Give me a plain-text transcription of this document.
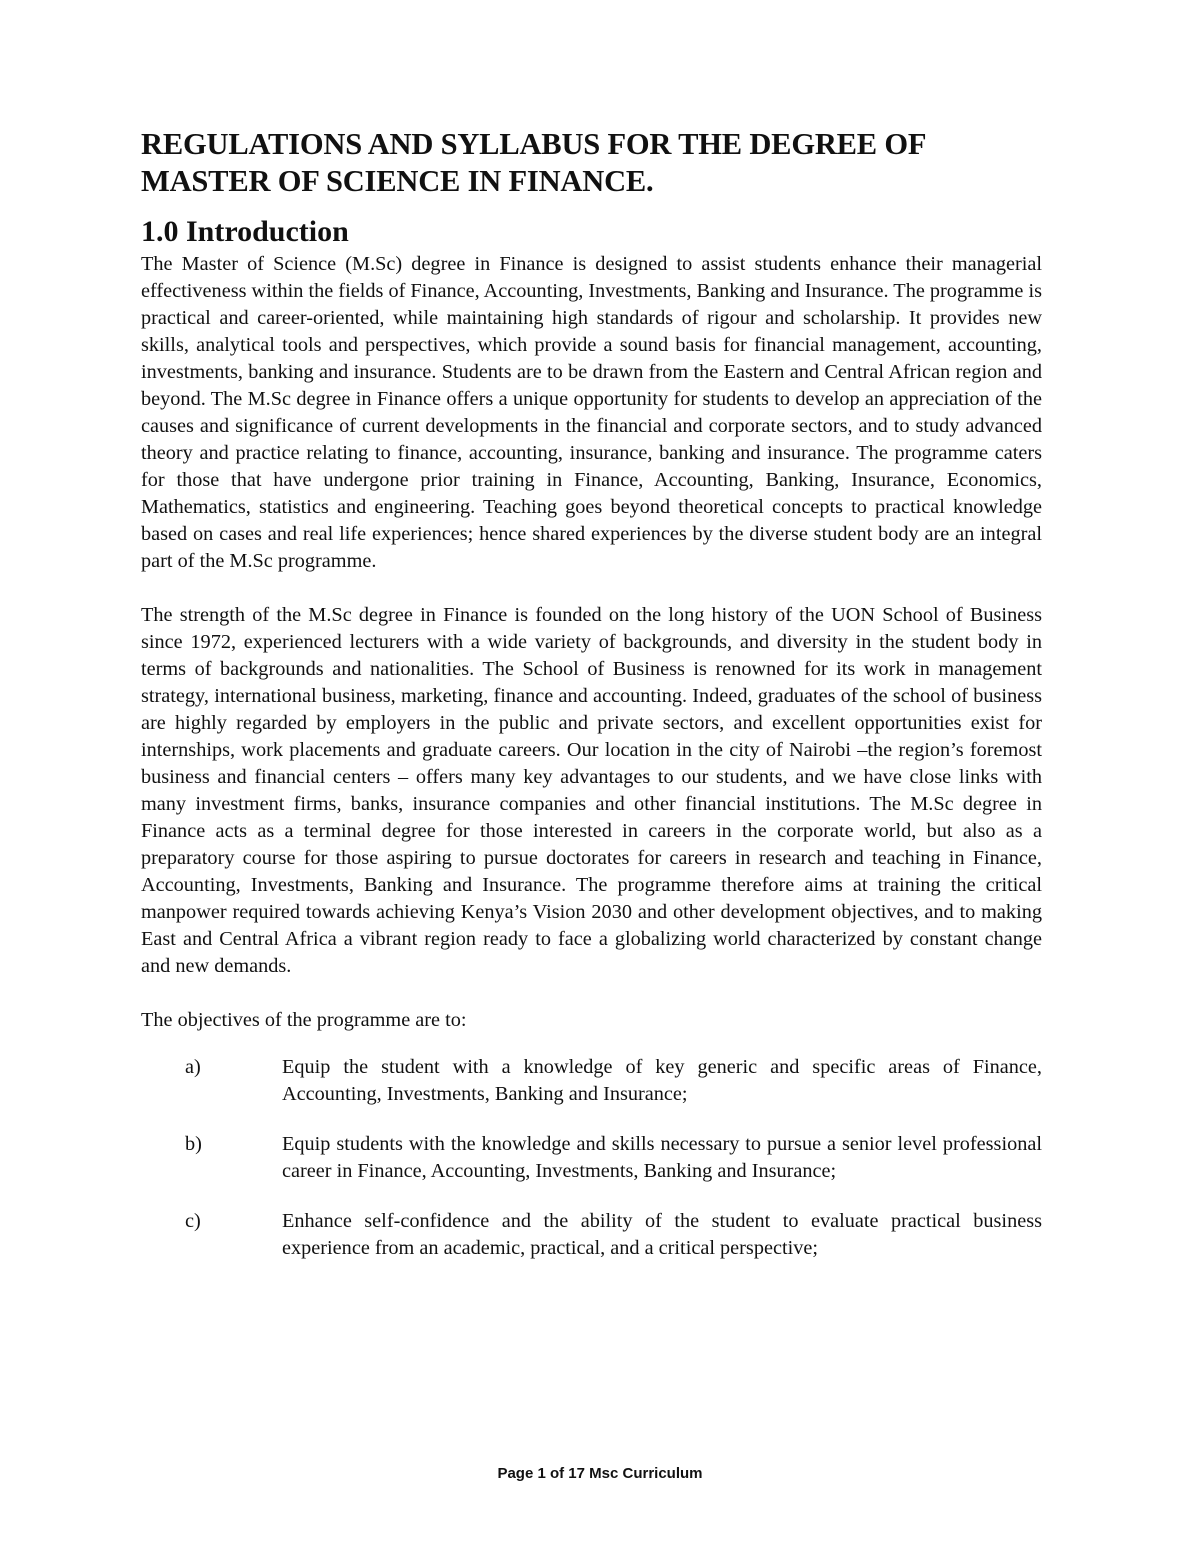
REGULATIONS AND SYLLABUS FOR THE DEGREE OF MASTER OF SCIENCE IN FINANCE.
1.0 Introduction

The Master of Science (M.Sc) degree in Finance is designed to assist students enhance their managerial effectiveness within the fields of Finance, Accounting, Investments, Banking and Insurance. The programme is practical and career-oriented, while maintaining high standards of rigour and scholarship. It provides new skills, analytical tools and perspectives, which provide a sound basis for financial management, accounting, investments, banking and insurance. Students are to be drawn from the Eastern and Central African region and beyond. The M.Sc degree in Finance offers a unique opportunity for students to develop an appreciation of the causes and significance of current developments in the financial and corporate sectors, and to study advanced theory and practice relating to finance, accounting, insurance, banking and insurance. The programme caters for those that have undergone prior training in Finance, Accounting, Banking, Insurance, Economics, Mathematics, statistics and engineering. Teaching goes beyond theoretical concepts to practical knowledge based on cases and real life experiences; hence shared experiences by the diverse student body are an integral part of the M.Sc programme.

The strength of the M.Sc degree in Finance is founded on the long history of the UON School of Business since 1972, experienced lecturers with a wide variety of backgrounds, and diversity in the student body in terms of backgrounds and nationalities. The School of Business is renowned for its work in management strategy, international business, marketing, finance and accounting. Indeed, graduates of the school of business are highly regarded by employers in the public and private sectors, and excellent opportunities exist for internships, work placements and graduate careers. Our location in the city of Nairobi –the region’s foremost business and financial centers – offers many key advantages to our students, and we have close links with many investment firms, banks, insurance companies and other financial institutions. The M.Sc degree in Finance acts as a terminal degree for those interested in careers in the corporate world, but also as a preparatory course for those aspiring to pursue doctorates for careers in research and teaching in Finance, Accounting, Investments, Banking and Insurance. The programme therefore aims at training the critical manpower required towards achieving Kenya’s Vision 2030 and other development objectives, and to making East and Central Africa a vibrant region ready to face a globalizing world characterized by constant change and new demands.

The objectives of the programme are to:

a)	Equip the student with a knowledge of key generic and specific areas of Finance, Accounting, Investments, Banking and Insurance;
b)	Equip students with the knowledge and skills necessary to pursue a senior level professional career in Finance, Accounting, Investments, Banking and Insurance;
c)	Enhance self-confidence and the ability of the student to evaluate practical business experience from an academic, practical, and a critical perspective;
Page 1 of 17 Msc Curriculum
